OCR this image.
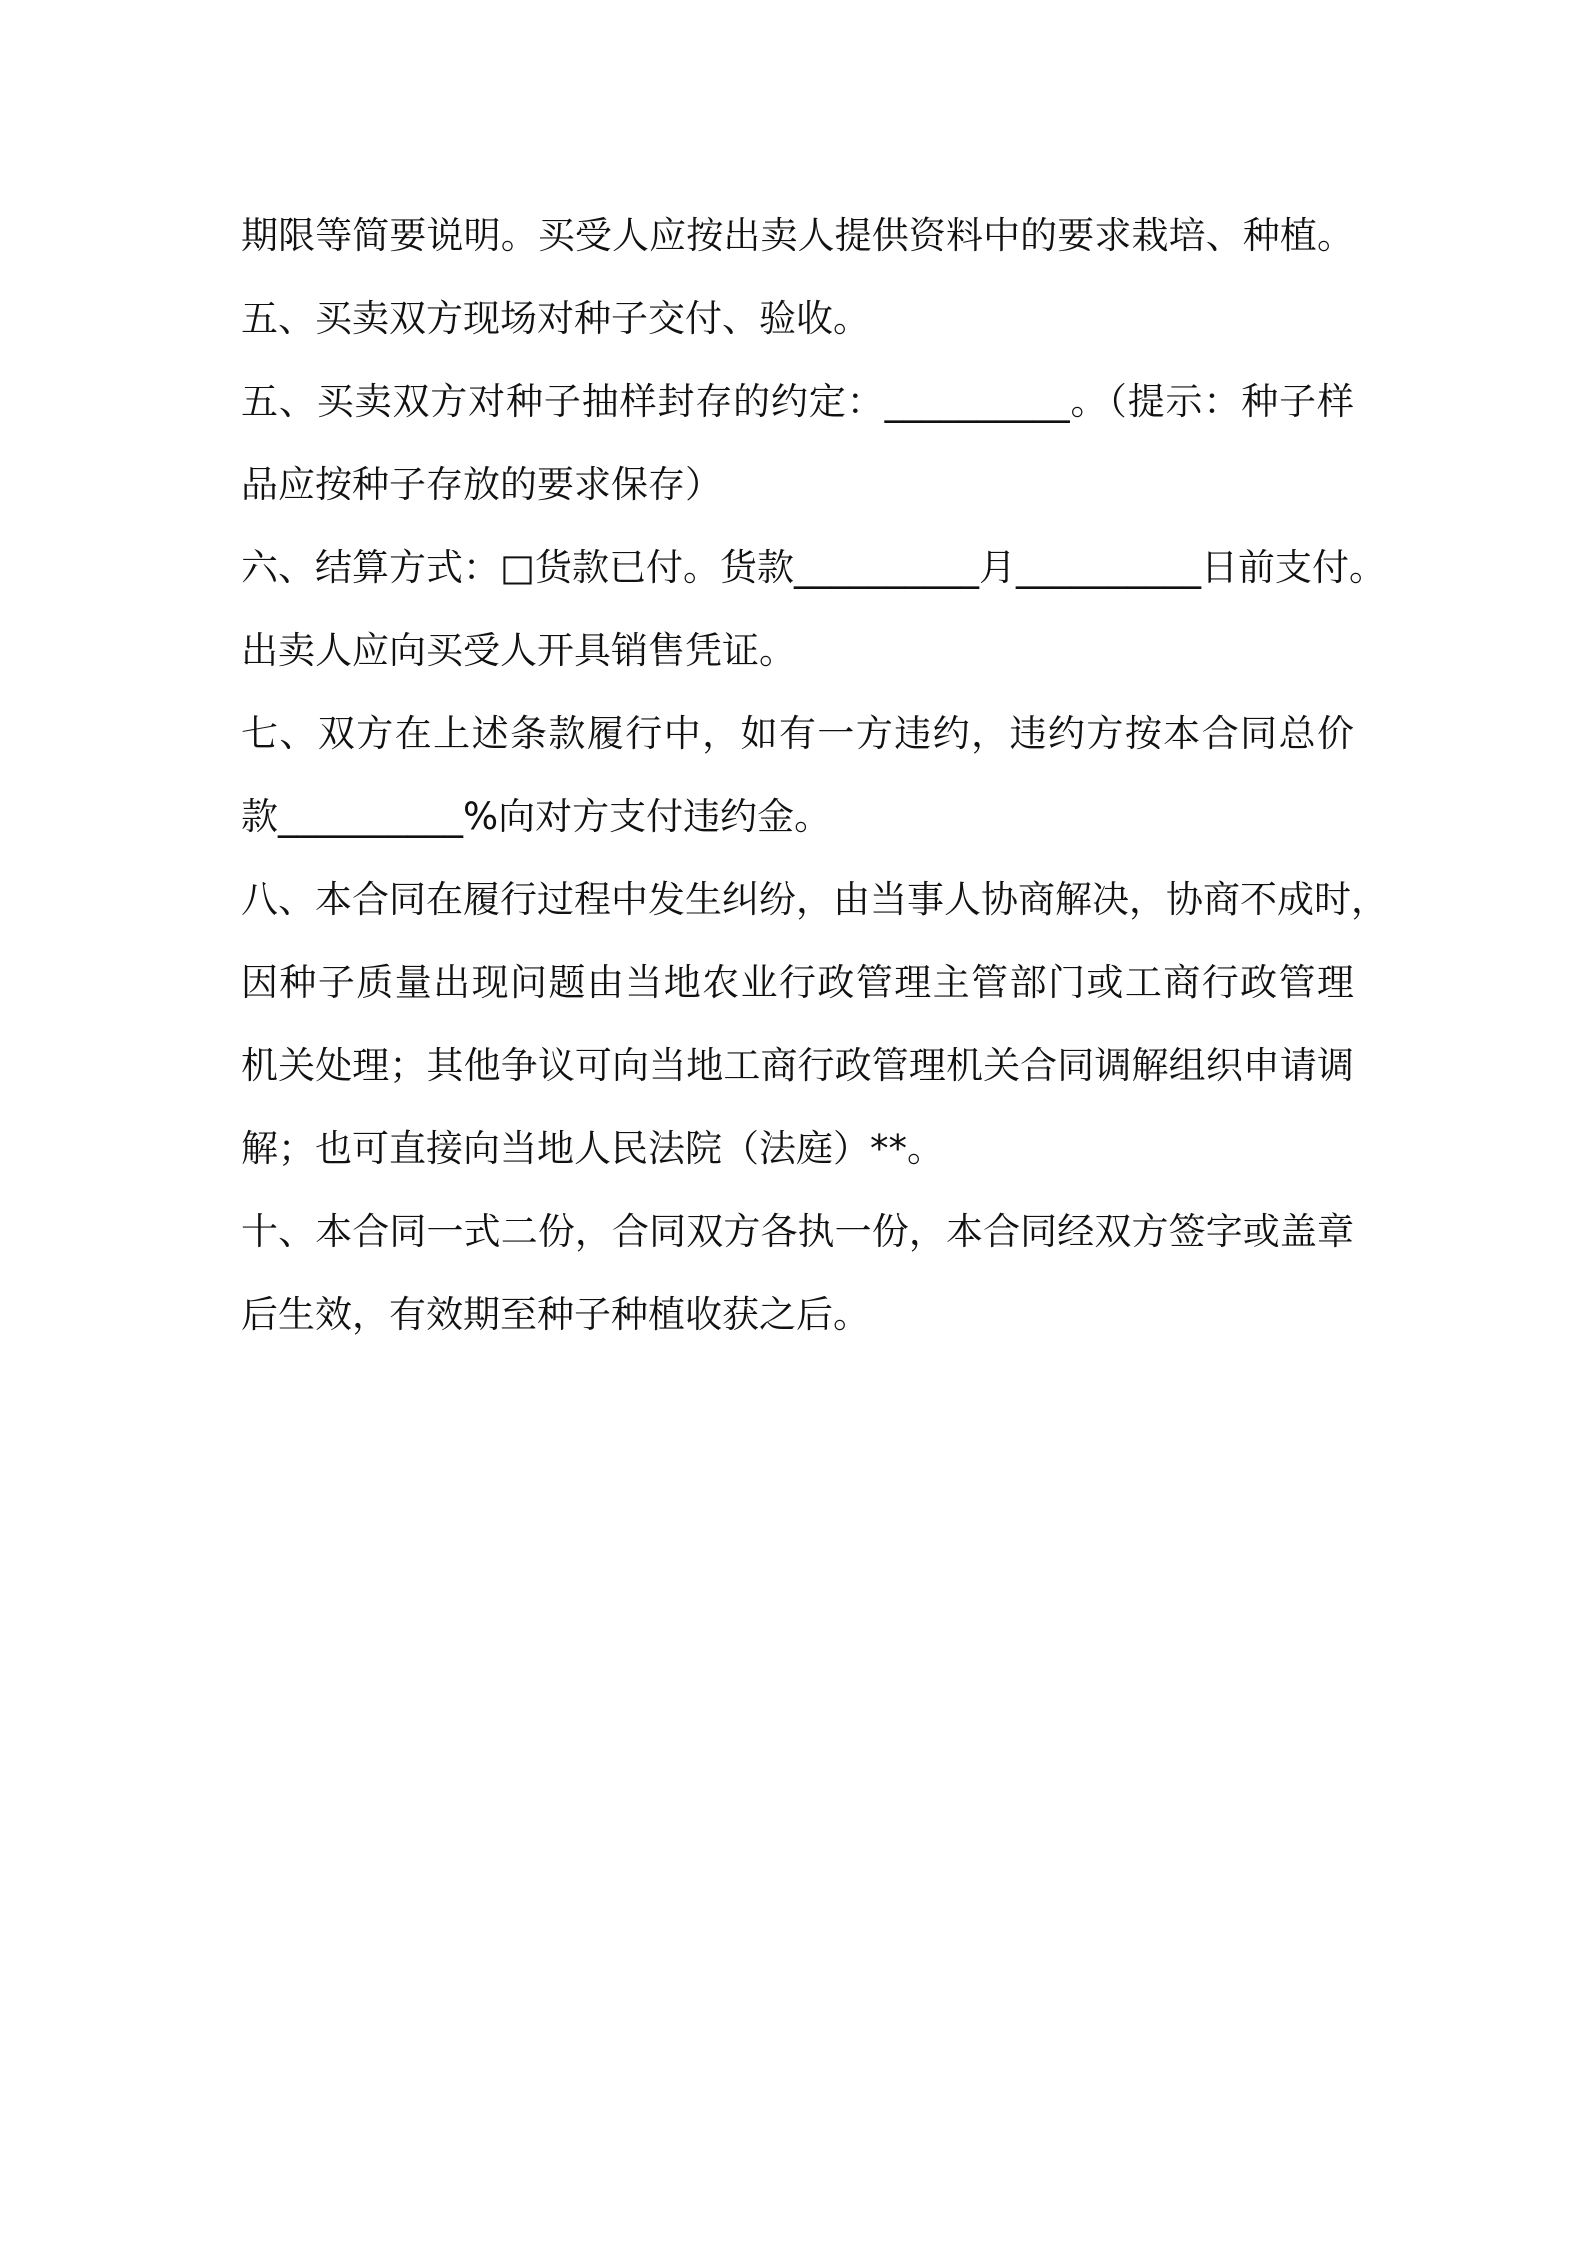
期限等简要说明。买受人应按出卖人提供资料中的要求栽培、种植。
五、买卖双方现场对种子交付、验收。
五、买卖双方对种子抽样封存的约定：__________。（提示：种子样
品应按种子存放的要求保存）
六、结算方式：□货款已付。货款__________月__________日前支付。
出卖人应向买受人开具销售凭证。
七、双方在上述条款履行中，如有一方违约，违约方按本合同总价
款__________%向对方支付违约金。
八、本合同在履行过程中发生纠纷，由当事人协商解决，协商不成时，
因种子质量出现问题由当地农业行政管理主管部门或工商行政管理
机关处理；其他争议可向当地工商行政管理机关合同调解组织申请调
解；也可直接向当地人民法院（法庭）**。
十、本合同一式二份，合同双方各执一份，本合同经双方签字或盖章
后生效，有效期至种子种植收获之后。
